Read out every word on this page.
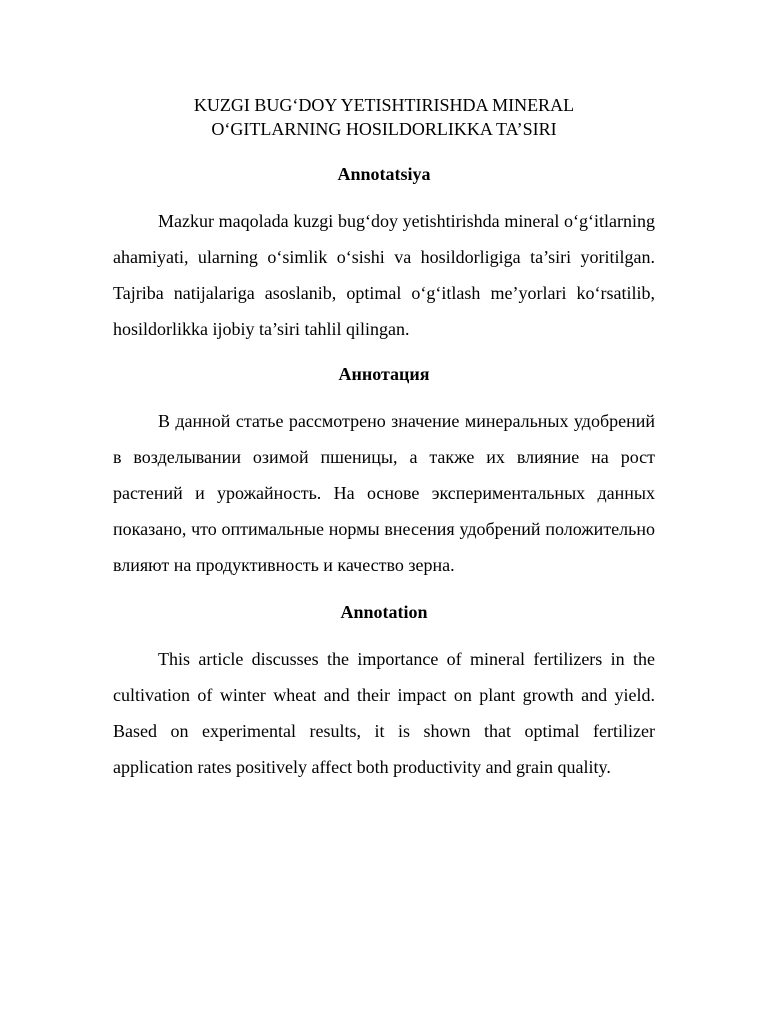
KUZGI BUG‘DOY YETISHTIRISHDA MINERAL
O‘GITLARNING HOSILDORLIKKA TA’SIRI

Annotatsiya

Mazkur maqolada kuzgi bug‘doy yetishtirishda mineral o‘g‘itlarning ahamiyati, ularning o‘simlik o‘sishi va hosildorligiga ta’siri yoritilgan. Tajriba natijalariga asoslanib, optimal o‘g‘itlash me’yorlari ko‘rsatilib, hosildorlikka ijobiy ta’siri tahlil qilingan.

Аннотация

В данной статье рассмотрено значение минеральных удобрений в возделывании озимой пшеницы, а также их влияние на рост растений и урожайность. На основе экспериментальных данных показано, что оптимальные нормы внесения удобрений положительно влияют на продуктивность и качество зерна.

Annotation

This article discusses the importance of mineral fertilizers in the cultivation of winter wheat and their impact on plant growth and yield. Based on experimental results, it is shown that optimal fertilizer application rates positively affect both productivity and grain quality.
